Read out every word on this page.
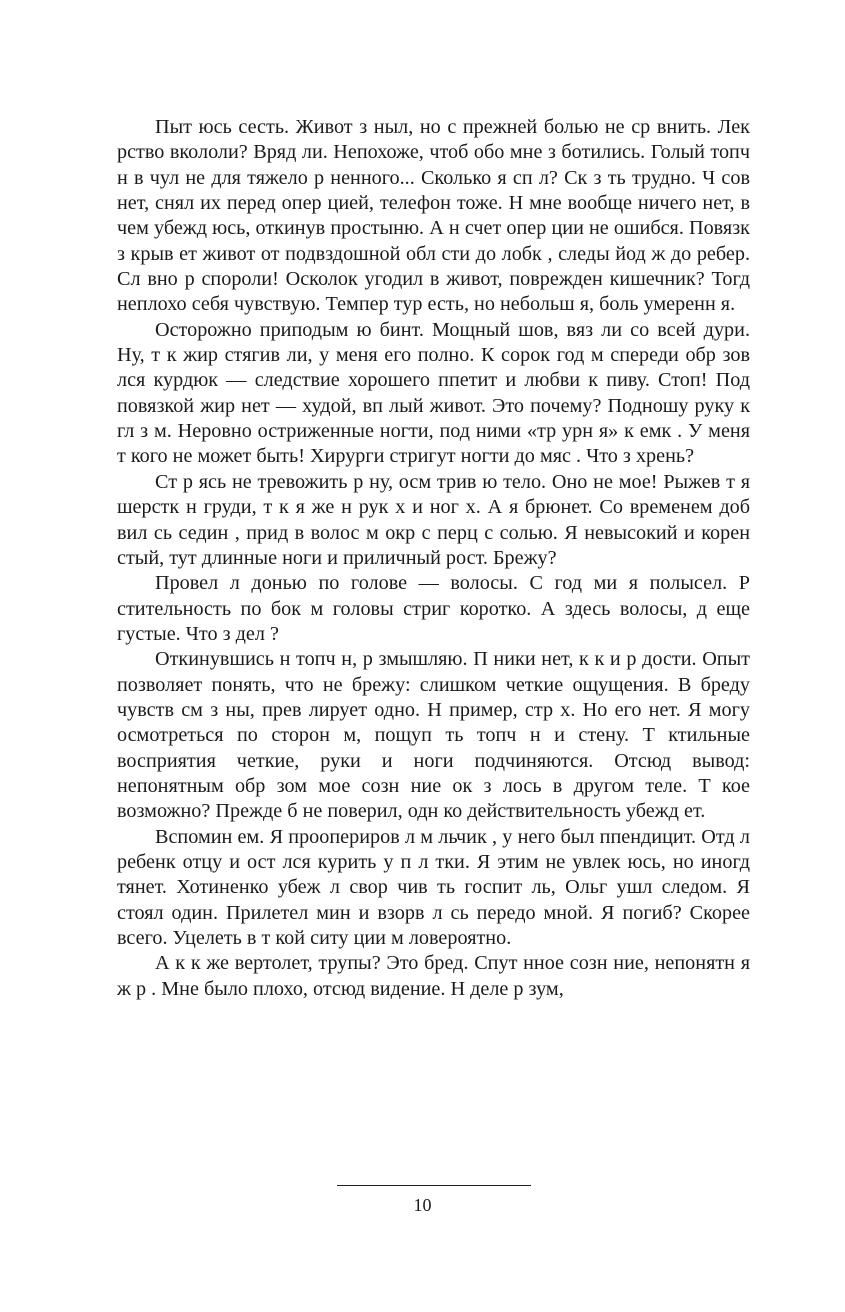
Пыт юсь сесть. Живот з ныл, но с прежней болью не ср внить. Лек рство вкололи? Вряд ли. Непохоже, чтоб обо мне з ботились. Голый топч н в чул не для тяжело р ненного... Сколько я сп л? Ск з ть трудно. Ч сов нет, снял их перед опер цией, телефон тоже. Н мне вообще ничего нет, в чем убежд юсь, откинув простыню. А н счет опер ции не ошибся. Повязк з крыв ет живот от подвздошной обл сти до лобк , следы йод ж до ребер. Сл вно р спороли! Осколок угодил в живот, поврежден кишечник? Тогд неплохо себя чувствую. Темпер тур есть, но небольш я, боль умеренн я.

Осторожно приподым ю бинт. Мощный шов, вяз ли со всей дури. Ну, т к жир стягив ли, у меня его полно. К сорок год м спереди обр зов лся курдюк — следствие хорошего ппетит и любви к пиву. Стоп! Под повязкой жир нет — худой, вп лый живот. Это почему? Подношу руку к гл з м. Неровно остриженные ногти, под ними «тр урн я» к емк . У меня т кого не может быть! Хирурги стригут ногти до мяс . Что з хрень?

Ст р ясь не тревожить р ну, осм трив ю тело. Оно не мое! Рыжев т я шерстк н груди, т к я же н рук х и ног х. А я брюнет. Со временем доб вил сь седин , прид в волос м окр с перц с солью. Я невысокий и корен стый, тут длинные ноги и приличный рост. Брежу?

Провел л донью по голове — волосы. С год ми я полысел. Р стительность по бок м головы стриг коротко. А здесь волосы, д еще густые. Что з дел ?

Откинувшись н топч н, р змышляю. П ники нет, к к и р дости. Опыт позволяет понять, что не брежу: слишком четкие ощущения. В бреду чувств см з ны, прев лирует одно. Н пример, стр х. Но его нет. Я могу осмотреться по сторон м, пощуп ть топч н и стену. Т ктильные восприятия четкие, руки и ноги подчиняются. Отсюд вывод: непонятным обр зом мое созн ние ок з лось в другом теле. Т кое возможно? Прежде б не поверил, одн ко действительность убежд ет.

Вспомин ем. Я проопериров л м льчик , у него был ппендицит. Отд л ребенк отцу и ост лся курить у п л тки. Я этим не увлек юсь, но иногд тянет. Хотиненко убеж л свор чив ть госпит ль, Ольг ушл следом. Я стоял один. Прилетел мин и взорв л сь передо мной. Я погиб? Скорее всего. Уцелеть в т кой ситу ции м ловероятно.

А к к же вертолет, трупы? Это бред. Спут нное созн ние, непонятн я ж р . Мне было плохо, отсюд видение. Н деле р зум,

10
